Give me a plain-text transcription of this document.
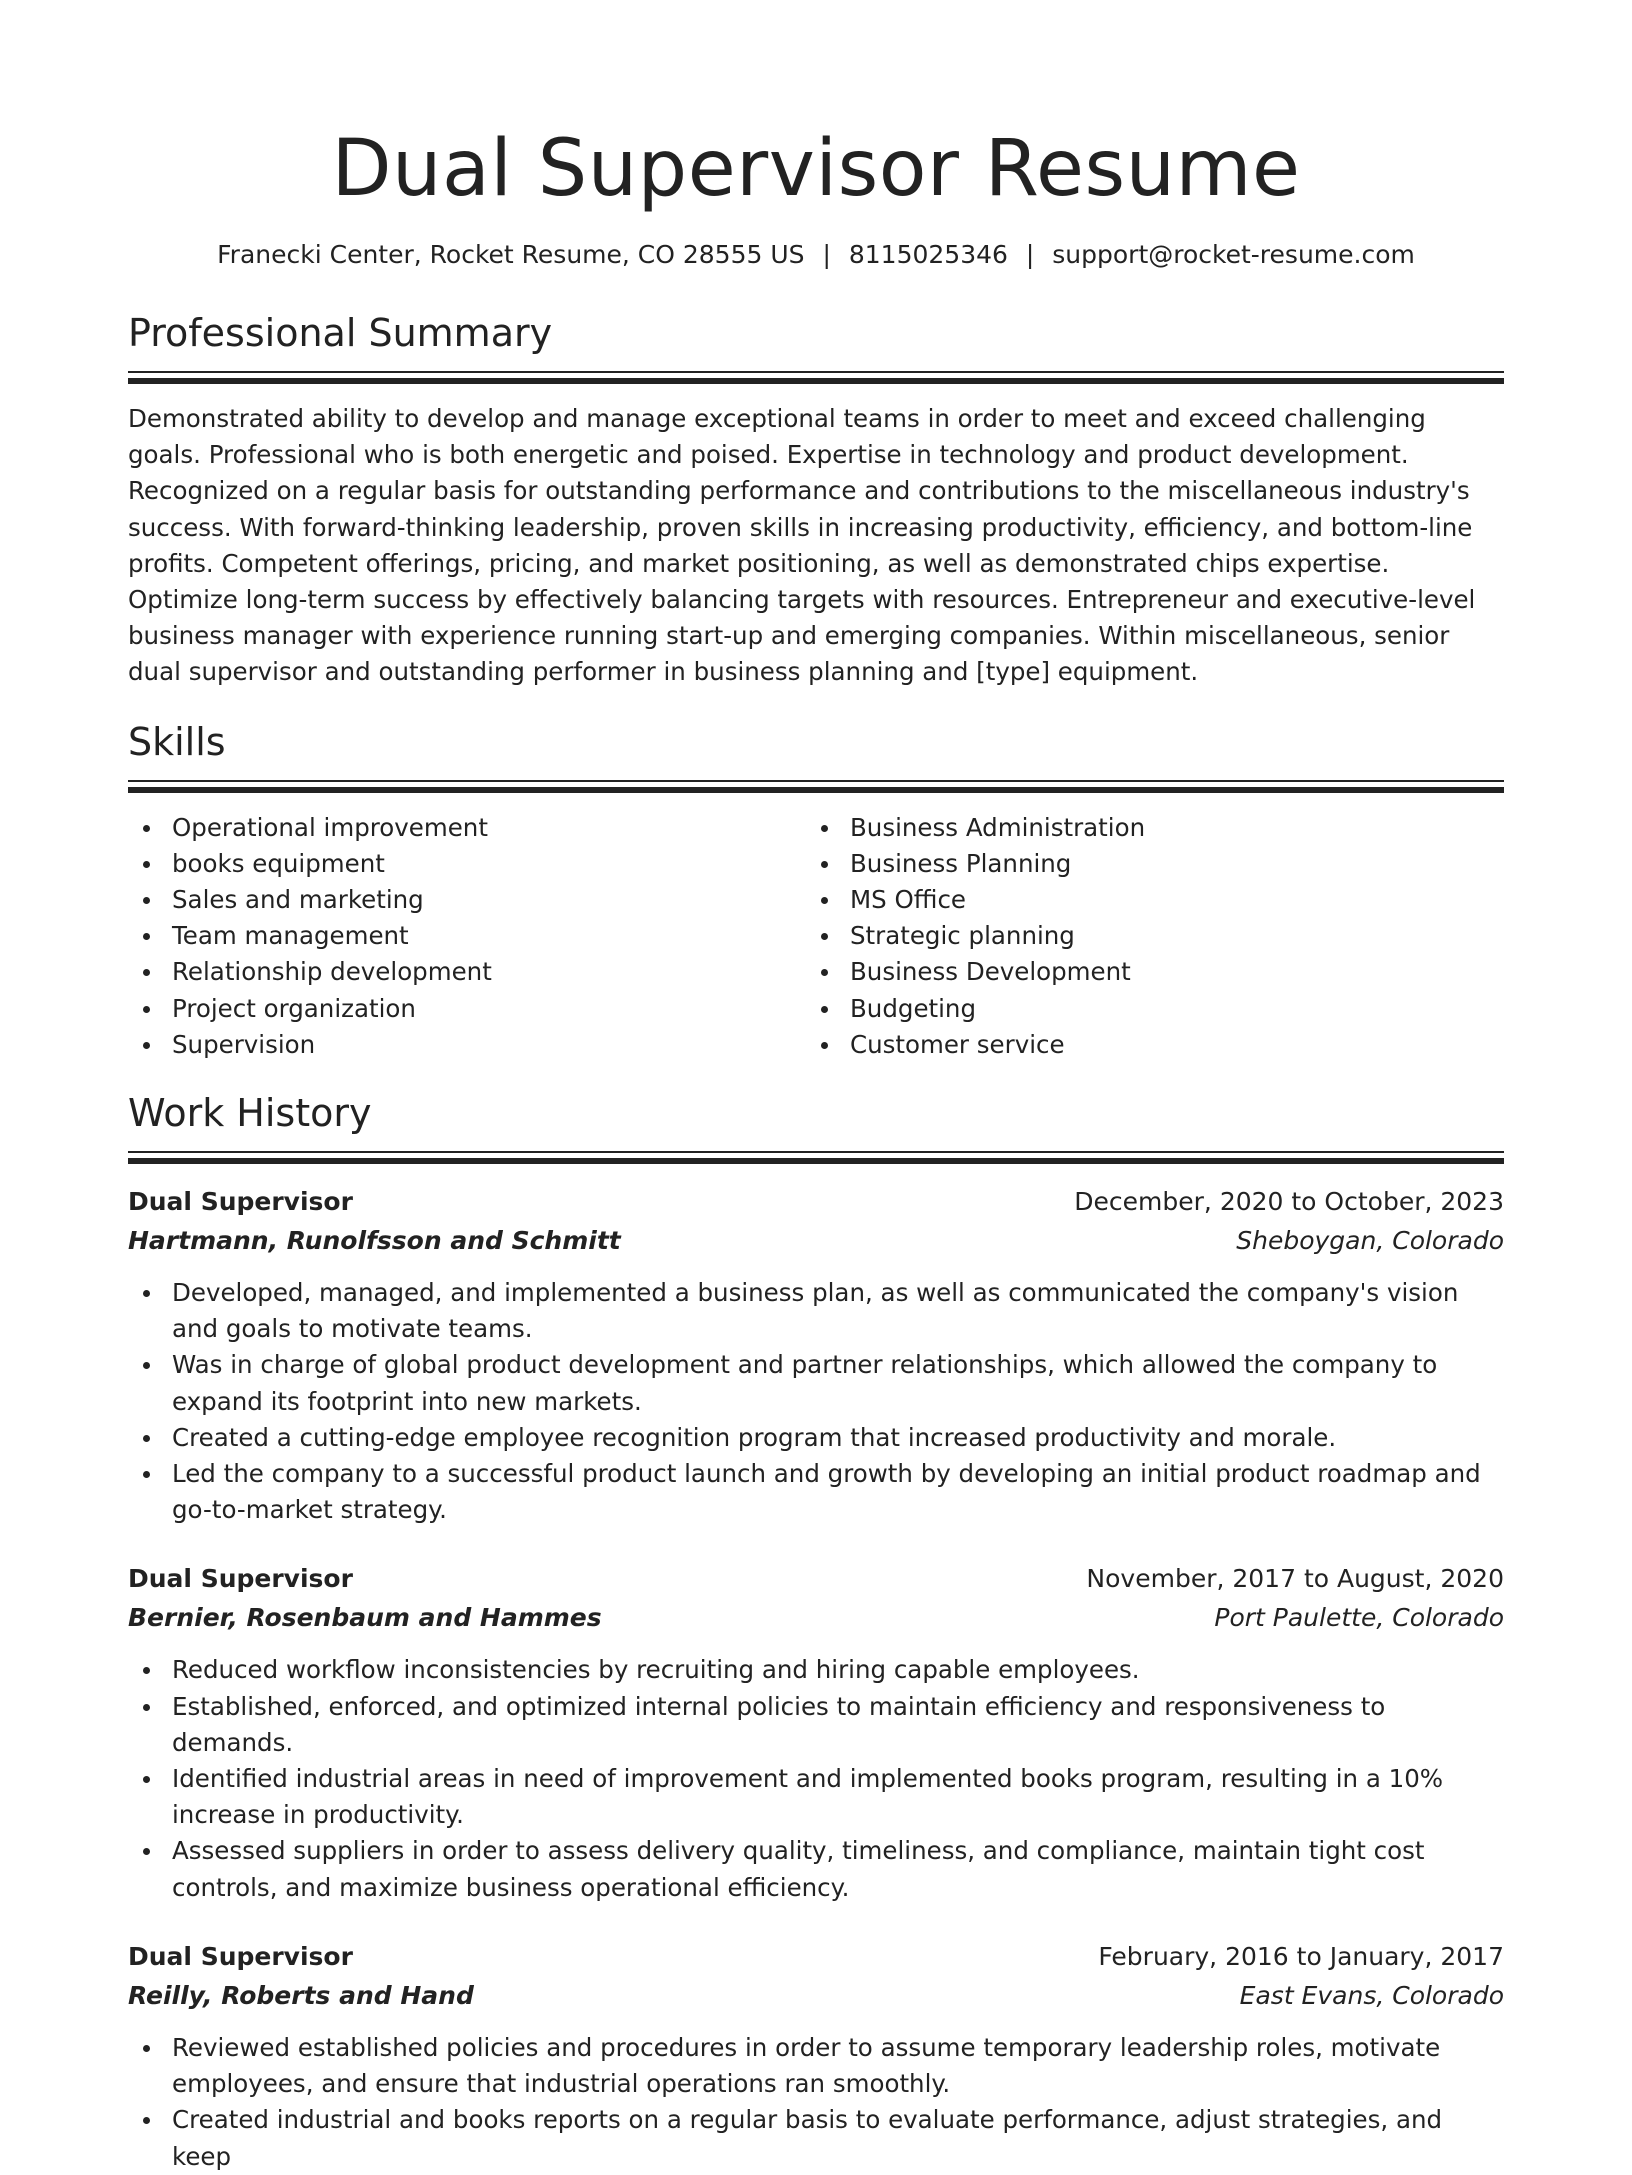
Dual Supervisor Resume
Franecki Center, Rocket Resume, CO 28555 US | 8115025346 | support@rocket-resume.com
Professional Summary

Demonstrated ability to develop and manage exceptional teams in order to meet and exceed challenging goals. Professional who is both energetic and poised. Expertise in technology and product development. Recognized on a regular basis for outstanding performance and contributions to the miscellaneous industry's success. With forward-thinking leadership, proven skills in increasing productivity, efficiency, and bottom-line profits. Competent offerings, pricing, and market positioning, as well as demonstrated chips expertise. Optimize long-term success by effectively balancing targets with resources. Entrepreneur and executive-level business manager with experience running start-up and emerging companies. Within miscellaneous, senior dual supervisor and outstanding performer in business planning and [type] equipment.

Skills
Operational improvement
books equipment
Sales and marketing
Team management
Relationship development
Project organization
Supervision
Business Administration
Business Planning
MS Office
Strategic planning
Business Development
Budgeting
Customer service
Work History
Dual Supervisor	December, 2020 to October, 2023
Hartmann, Runolfsson and Schmitt	Sheboygan, Colorado
Developed, managed, and implemented a business plan, as well as communicated the company's vision and goals to motivate teams.
Was in charge of global product development and partner relationships, which allowed the company to expand its footprint into new markets.
Created a cutting-edge employee recognition program that increased productivity and morale.
Led the company to a successful product launch and growth by developing an initial product roadmap and go-to-market strategy.
Dual Supervisor	November, 2017 to August, 2020
Bernier, Rosenbaum and Hammes	Port Paulette, Colorado
Reduced workflow inconsistencies by recruiting and hiring capable employees.
Established, enforced, and optimized internal policies to maintain efficiency and responsiveness to demands.
Identified industrial areas in need of improvement and implemented books program, resulting in a 10% increase in productivity.
Assessed suppliers in order to assess delivery quality, timeliness, and compliance, maintain tight cost controls, and maximize business operational efficiency.
Dual Supervisor	February, 2016 to January, 2017
Reilly, Roberts and Hand	East Evans, Colorado
Reviewed established policies and procedures in order to assume temporary leadership roles, motivate employees, and ensure that industrial operations ran smoothly.
Created industrial and books reports on a regular basis to evaluate performance, adjust strategies, and keep
